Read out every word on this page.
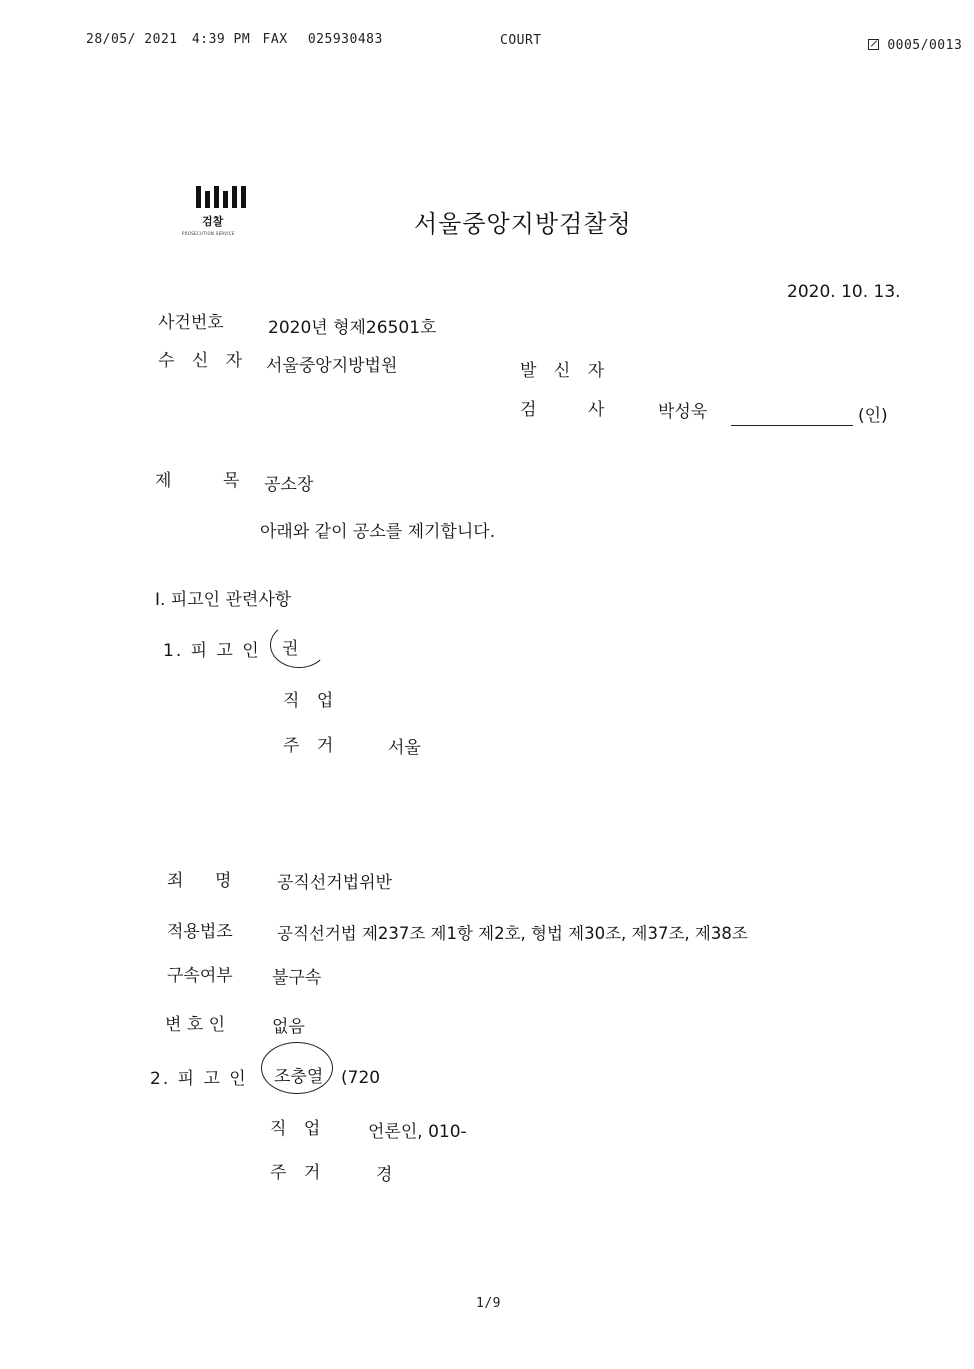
28/05/ 2021 4:39 PM FAX 025930483	COURT	0005/0013
검찰
PROSECUTION SERVICE	서울중앙지방검찰청
2020. 10. 13.
사건번호	2020년 형제26501호
수 신 자 서울중앙지방법원	발 신 자
검    사	박성욱	(인)
제    목 공소장
아래와 같이 공소를 제기합니다.
Ⅰ. 피고인 관련사항
1. 피 고 인 권
직 업
주 거	서울
죄    명	공직선거법위반
적용법조	공직선거법 제237조 제1항 제2호, 형법 제30조, 제37조, 제38조
구속여부 불구속
변 호 인	없음
2. 피 고 인 조충열 (720
직 업 언론인, 010-
주 거	경
1/9
